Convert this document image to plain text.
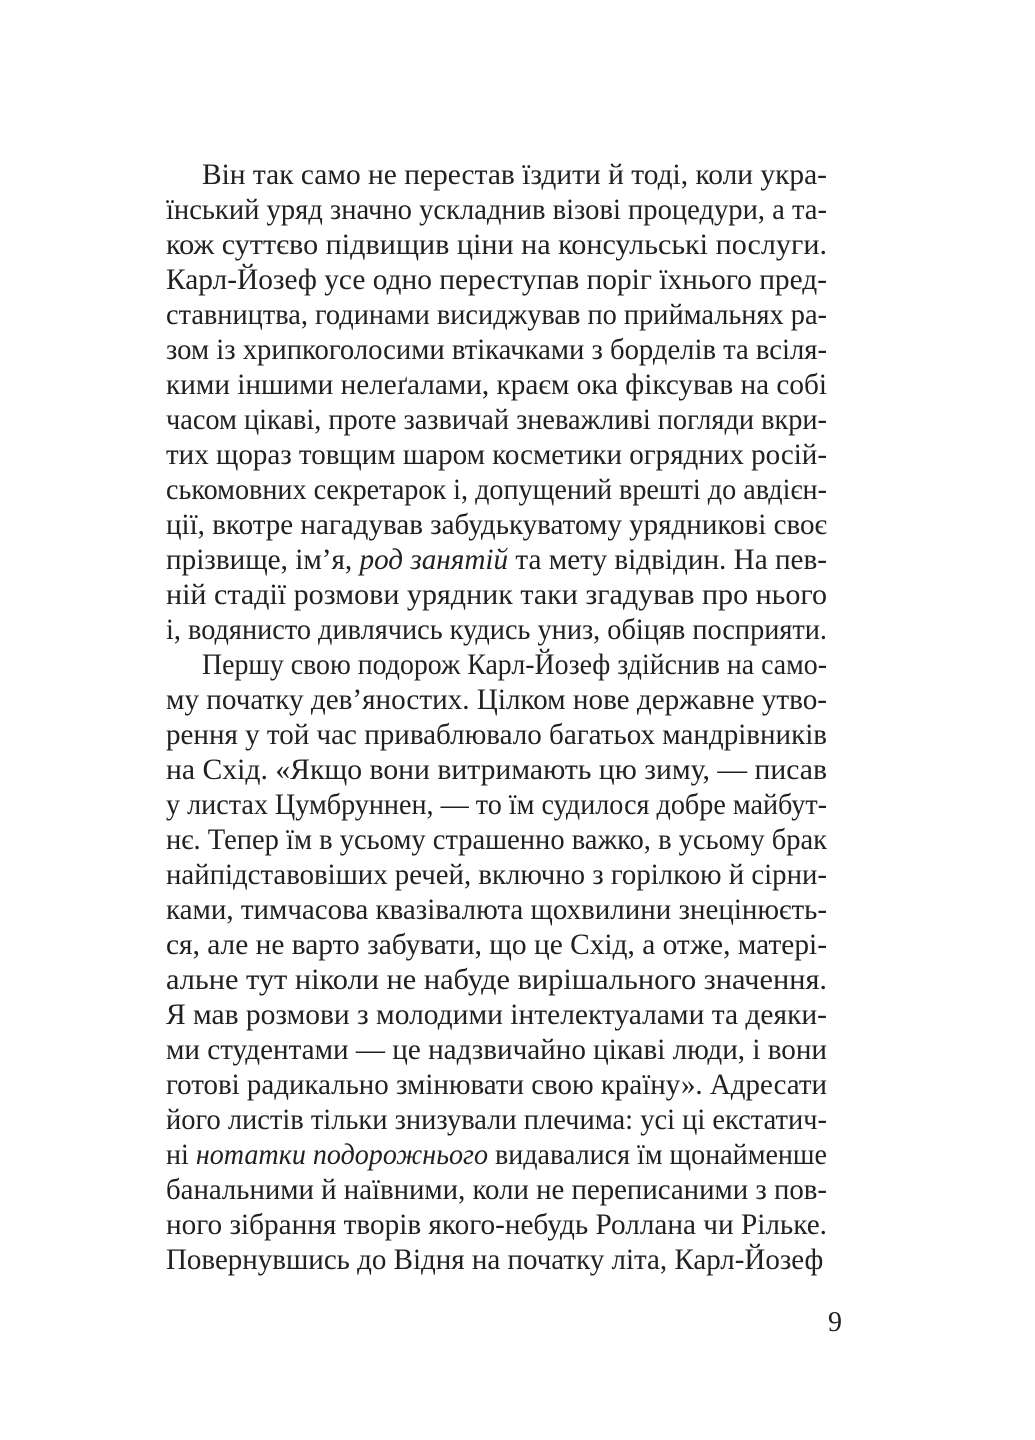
Він так само не перестав їздити й тоді, коли укра-
їнський уряд значно ускладнив візові процедури, а та-
кож суттєво підвищив ціни на консульські послуги.
Карл-Йозеф усе одно переступав поріг їхнього пред-
ставництва, годинами висиджував по приймальнях ра-
зом із хрипкоголосими втікачками з борделів та всіля-
кими іншими нелеґалами, краєм ока фіксував на собі
часом цікаві, проте зазвичай зневажливі погляди вкри-
тих щораз товщим шаром косметики огрядних росій-
ськомовних секретарок і, допущений врешті до авдієн-
ції, вкотре нагадував забудькуватому урядникові своє
прізвище, ім’я, род занятій та мету відвідин. На пев-
ній стадії розмови урядник таки згадував про нього
і, водянисто дивлячись кудись униз, обіцяв посприяти.
Першу свою подорож Карл-Йозеф здійснив на само-
му початку дев’яностих. Цілком нове державне утво-
рення у той час приваблювало багатьох мандрівників
на Схід. «Якщо вони витримають цю зиму, — писав
у листах Цумбруннен, — то їм судилося добре майбут-
нє. Тепер їм в усьому страшенно важко, в усьому брак
найпідставовіших речей, включно з горілкою й сірни-
ками, тимчасова квазівалюта щохвилини знецінюєть-
ся, але не варто забувати, що це Схід, а отже, матері-
альне тут ніколи не набуде вирішального значення.
Я мав розмови з молодими інтелектуалами та деяки-
ми студентами — це надзвичайно цікаві люди, і вони
готові радикально змінювати свою країну». Адресати
його листів тільки знизували плечима: усі ці екстатич-
ні нотатки подорожнього видавалися їм щонайменше
банальними й наївними, коли не переписаними з пов-
ного зібрання творів якого-небудь Роллана чи Рільке.
Повернувшись до Відня на початку літа, Карл-Йозеф
9
